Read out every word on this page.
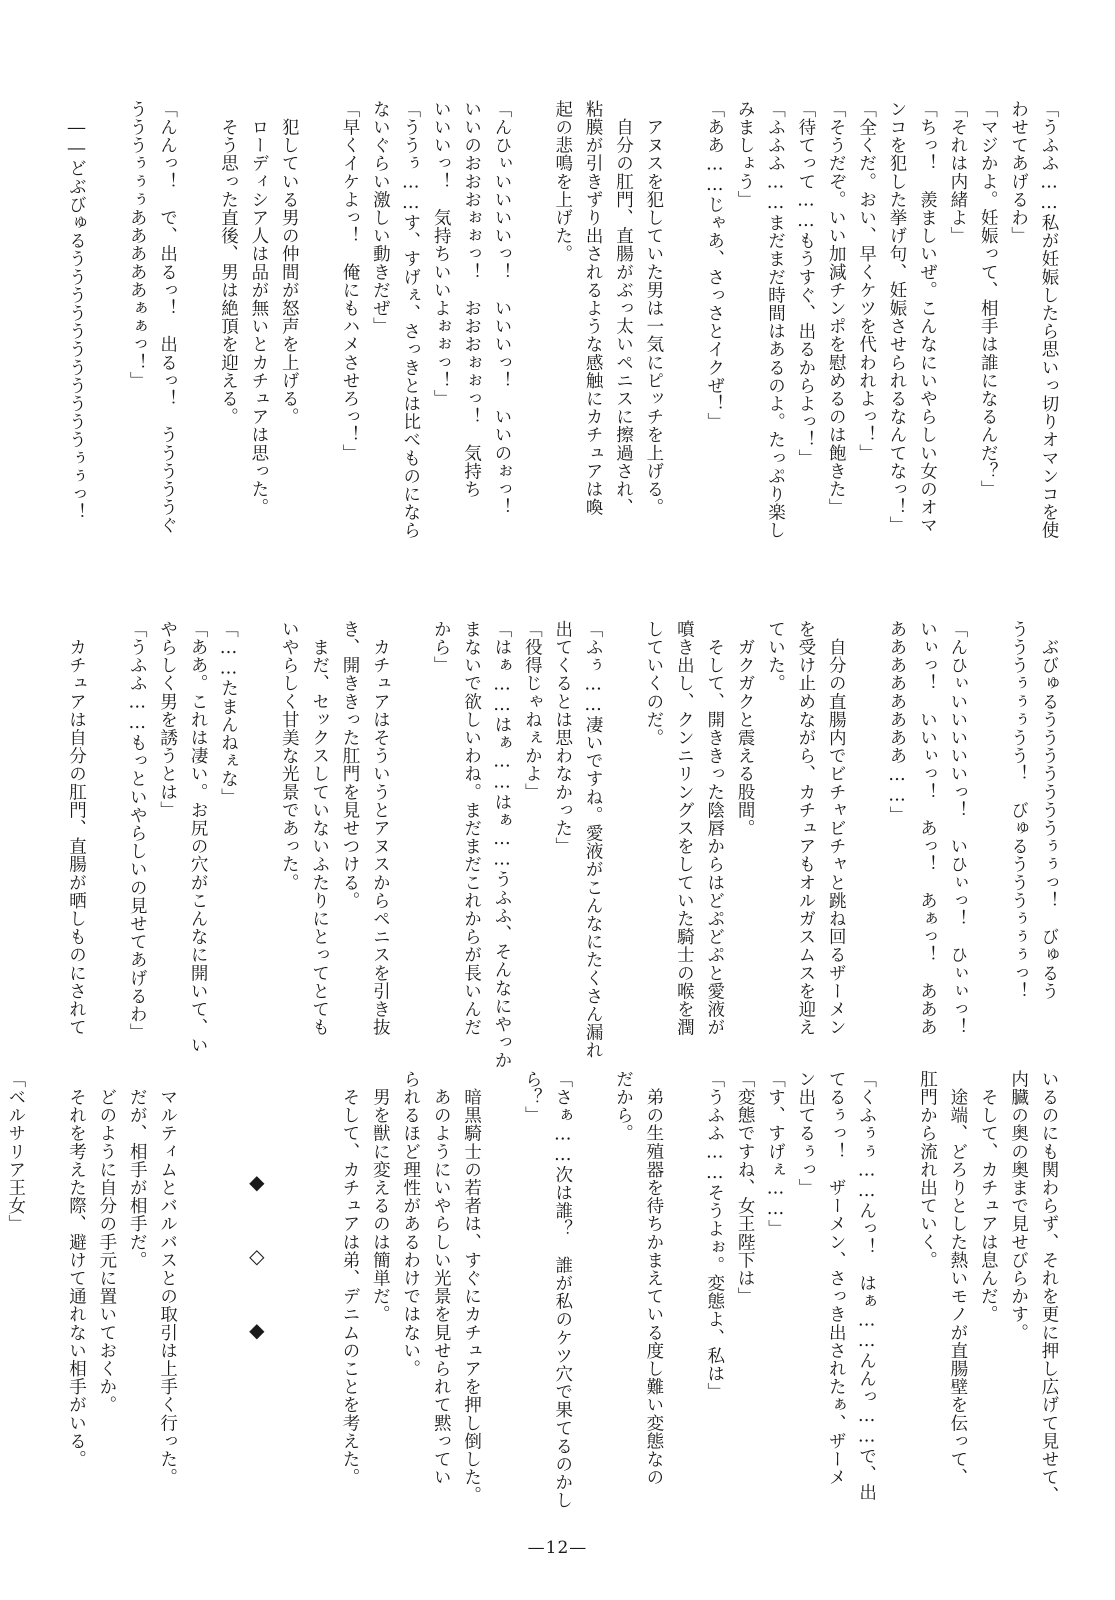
「うふふ……私が妊娠したら思いっ切りオマンコを使
わせてあげるわ」
「マジかよ。妊娠って、相手は誰になるんだ？」
「それは内緒よ」
「ちっ！　羨ましいぜ。こんなにいやらしい女のオマ
ンコを犯した挙げ句、妊娠させられるなんてなっ！」
「全くだ。おい、早くケツを代われよっ！」
「そうだぞ。いい加減チンポを慰めるのは飽きた」
「待てって……もうすぐ、出るからよっ！」
「ふふふ……まだまだ時間はあるのよ。たっぷり楽し
みましょう」
「ああ……じゃあ、さっさとイクぜ！」
　アヌスを犯していた男は一気にピッチを上げる。
　自分の肛門、直腸がぶっ太いペニスに擦過され、
粘膜が引きずり出されるような感触にカチュアは喚
起の悲鳴を上げた。
「んひぃいいいいっ！　いいいっ！　いいのぉっ！
いいのおおおぉぉっ！　おおおぉぉっ！　気持ち
いいいっ！　気持ちいいよぉぉっ！」
「ううぅ……す、すげぇ、さっきとは比べものになら
ないぐらい激しい動きだぜ」
「早くイケよっ！　俺にもハメさせろっ！」
　犯している男の仲間が怒声を上げる。
　ローディシア人は品が無いとカチュアは思った。
　そう思った直後、男は絶頂を迎える。
「んんっ！　で、出るっ！　出るっ！　うううううぐ
うううぅぅぅあああああぁぁっ！」
　――どぶびゅるうううううううううううぅぅっ！
　ぶびゅるうううううううぅぅっ！　びゅるう
うううぅぅぅうう！　びゅるうううぅぅぅっ！
「んひぃいいいいいっ！　いひぃっ！　ひぃぃっ！
いぃっ！　いいぃっ！　あっ！　あぁっ！　あああ
ああああああああ……」
　自分の直腸内でビチャビチャと跳ね回るザーメン
を受け止めながら、カチュアもオルガスムスを迎え
ていた。
　ガクガクと震える股間。
　そして、開ききった陰唇からはどぷどぷと愛液が
噴き出し、クンニリングスをしていた騎士の喉を潤
していくのだ。
「ふぅ……凄いですね。愛液がこんなにたくさん漏れ
出てくるとは思わなかった」
「役得じゃねぇかよ」
「はぁ……はぁ……はぁ……うふふ、そんなにやっか
まないで欲しいわね。まだまだこれからが長いんだ
から」
　カチュアはそういうとアヌスからペニスを引き抜
き、開ききった肛門を見せつける。
　まだ、セックスしていないふたりにとってとても
いやらしく甘美な光景であった。
「……たまんねぇな」
「ああ。これは凄い。お尻の穴がこんなに開いて、い
やらしく男を誘うとは」
「うふふ……もっといやらしいの見せてあげるわ」
　カチュアは自分の肛門、直腸が晒しものにされて
いるのにも関わらず、それを更に押し広げて見せて、
内臓の奥の奥まで見せびらかす。
　そして、カチュアは息んだ。
　途端、どろりとした熱いモノが直腸壁を伝って、
肛門から流れ出ていく。
「くふぅぅ……んっ！　はぁ……んんっ……で、出
てるぅっ！　ザーメン、さっき出されたぁ、ザーメ
ン出てるぅっ」
「す、すげぇ……」
「変態ですね、女王陛下は」
「うふふ……そうよぉ。変態よ、私は」
　弟の生殖器を待ちかまえている度し難い変態なの
だから。
「さぁ……次は誰？　誰が私のケツ穴で果てるのかし
ら？」
　暗黒騎士の若者は、すぐにカチュアを押し倒した。
　あのようにいやらしい光景を見せられて黙ってい
られるほど理性があるわけではない。
　男を獣に変えるのは簡単だ。
　そして、カチュアは弟、デニムのことを考えた。
◆◇◆
　マルティムとバルバスとの取引は上手く行った。
　だが、相手が相手だ。
　どのように自分の手元に置いておくか。
　それを考えた際、避けて通れない相手がいる。
「ベルサリア王女」
—12—
